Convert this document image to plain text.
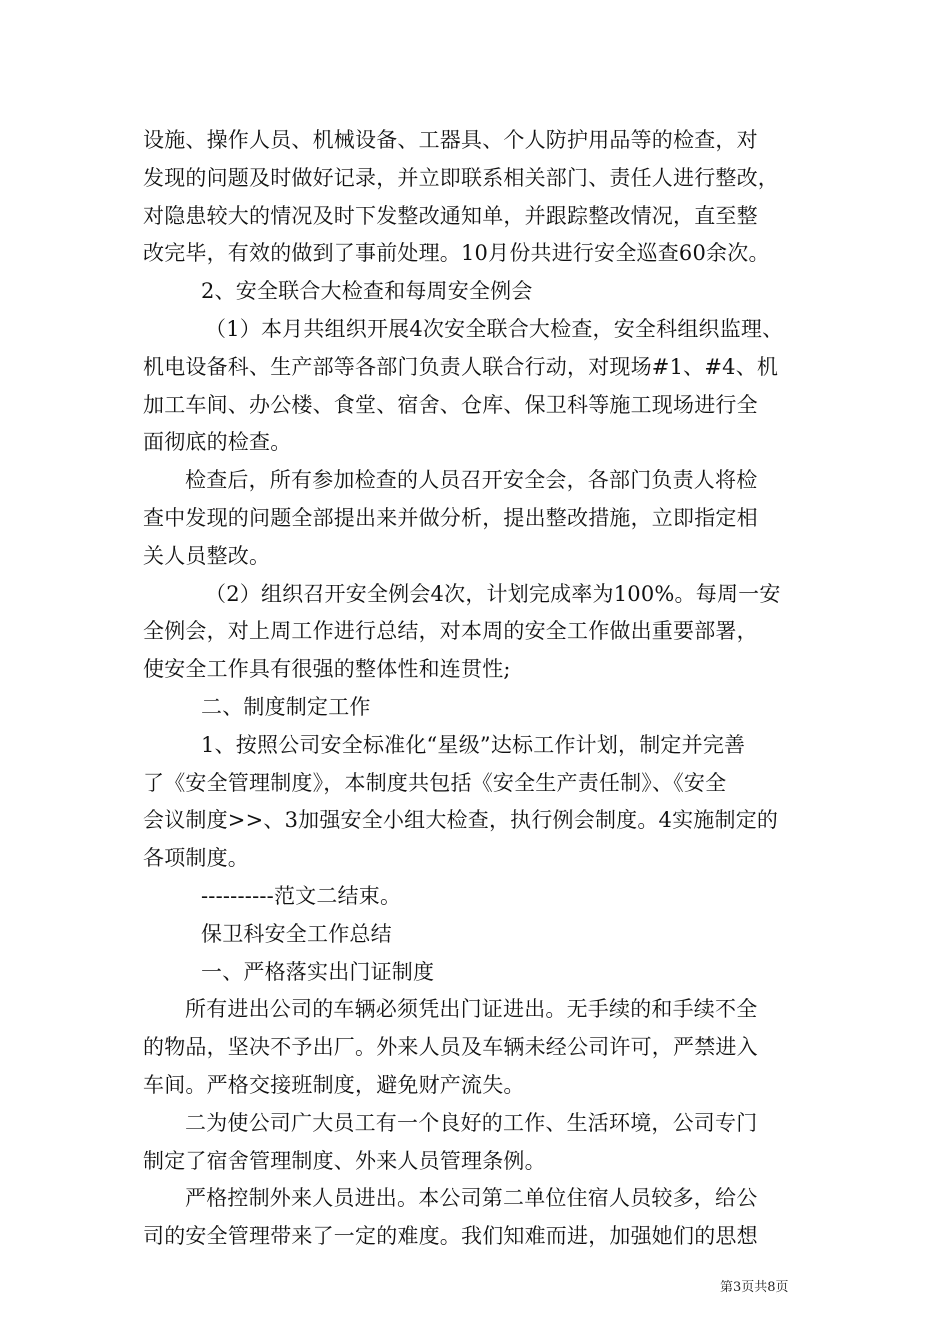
设施、操作人员、机械设备、工器具、个人防护用品等的检查，对
发现的问题及时做好记录，并立即联系相关部门、责任人进行整改，
对隐患较大的情况及时下发整改通知单，并跟踪整改情况，直至整
改完毕，有效的做到了事前处理。10月份共进行安全巡查60余次。
2、安全联合大检查和每周安全例会
（1）本月共组织开展4次安全联合大检查，安全科组织监理、
机电设备科、生产部等各部门负责人联合行动，对现场#1、#4、机
加工车间、办公楼、食堂、宿舍、仓库、保卫科等施工现场进行全
面彻底的检查。
检查后，所有参加检查的人员召开安全会，各部门负责人将检
查中发现的问题全部提出来并做分析，提出整改措施，立即指定相
关人员整改。
（2）组织召开安全例会4次，计划完成率为100%。每周一安
全例会，对上周工作进行总结，对本周的安全工作做出重要部署，
使安全工作具有很强的整体性和连贯性;
二、制度制定工作
1、按照公司安全标准化“星级”达标工作计划，制定并完善
了《安全管理制度》，本制度共包括《安全生产责任制》、《安全
会议制度>>、3加强安全小组大检查，执行例会制度。4实施制定的
各项制度。
----------范文二结束。
保卫科安全工作总结
一、严格落实出门证制度
所有进出公司的车辆必须凭出门证进出。无手续的和手续不全
的物品，坚决不予出厂。外来人员及车辆未经公司许可，严禁进入
车间。严格交接班制度，避免财产流失。
二为使公司广大员工有一个良好的工作、生活环境，公司专门
制定了宿舍管理制度、外来人员管理条例。
严格控制外来人员进出。本公司第二单位住宿人员较多，给公
司的安全管理带来了一定的难度。我们知难而进，加强她们的思想
第3页共8页
